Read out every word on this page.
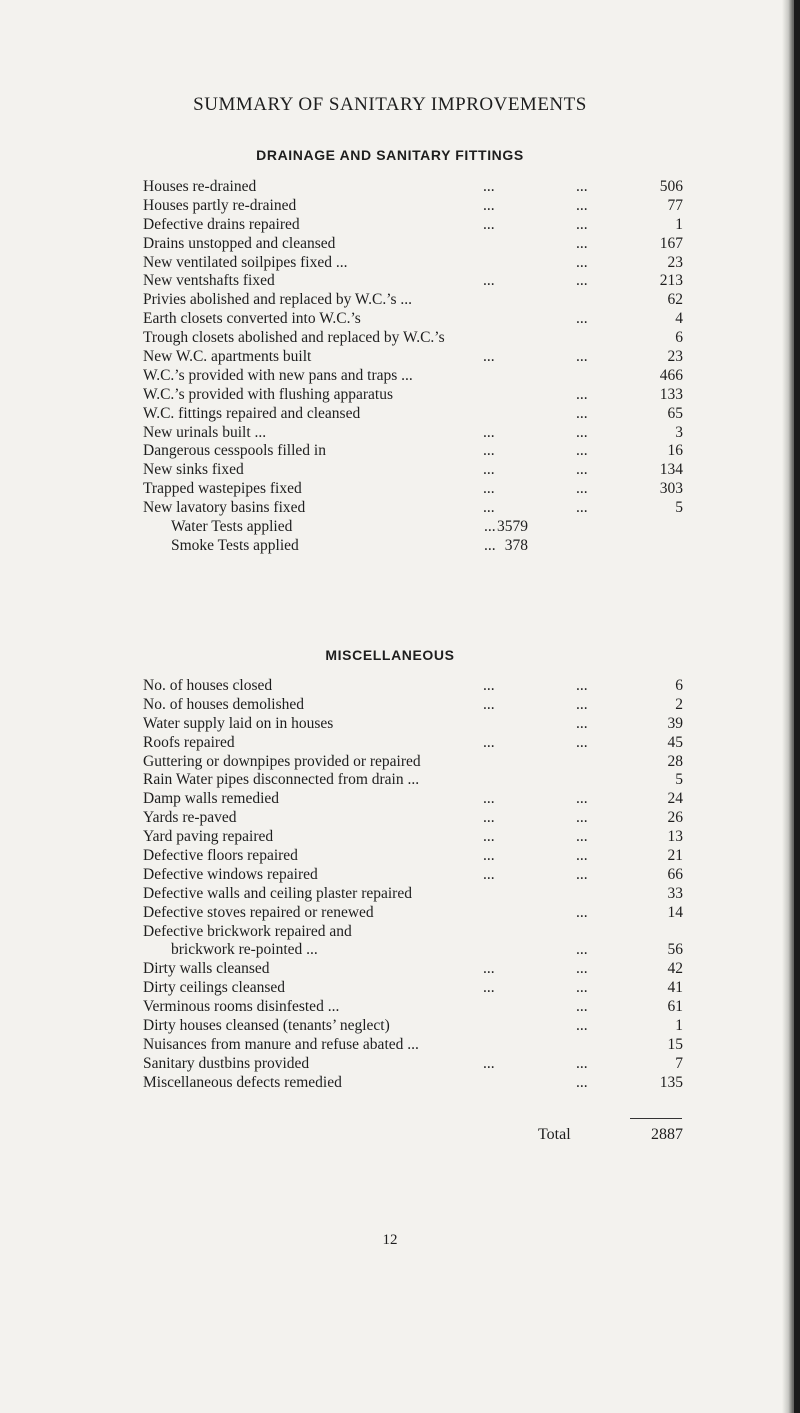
SUMMARY OF SANITARY IMPROVEMENTS
DRAINAGE AND SANITARY FITTINGS
Houses re-drained	...	...	506
Houses partly re-drained	...	...	77
Defective drains repaired	...	...	1
Drains unstopped and cleansed	...	167
New ventilated soilpipes fixed ...	...	23
New ventshafts fixed	...	...	213
Privies abolished and replaced by W.C.’s ...	62
Earth closets converted into W.C.’s	...	4
Trough closets abolished and replaced by W.C.’s	6
New W.C. apartments built	...	...	23
W.C.’s provided with new pans and traps ...	466
W.C.’s provided with flushing apparatus	...	133
W.C. fittings repaired and cleansed	...	65
New urinals built ...	...	...	3
Dangerous cesspools filled in	...	...	16
New sinks fixed	...	...	134
Trapped wastepipes fixed	...	...	303
New lavatory basins fixed	...	...	5
Water Tests applied	... 3579
Smoke Tests applied	... 378
MISCELLANEOUS
No. of houses closed	...	...	6
No. of houses demolished	...	...	2
Water supply laid on in houses	...	39
Roofs repaired	...	...	45
Guttering or downpipes provided or repaired	28
Rain Water pipes disconnected from drain ...	5
Damp walls remedied	...	...	24
Yards re-paved	...	...	26
Yard paving repaired	...	...	13
Defective floors repaired	...	...	21
Defective windows repaired	...	...	66
Defective walls and ceiling plaster repaired	33
Defective stoves repaired or renewed	...	14
Defective brickwork repaired and
brickwork re-pointed ...	...	56
Dirty walls cleansed	...	...	42
Dirty ceilings cleansed	...	...	41
Verminous rooms disinfested ...	...	61
Dirty houses cleansed (tenants’ neglect)	...	1
Nuisances from manure and refuse abated ...	15
Sanitary dustbins provided	...	...	7
Miscellaneous defects remedied	...	135
Total	2887
12
